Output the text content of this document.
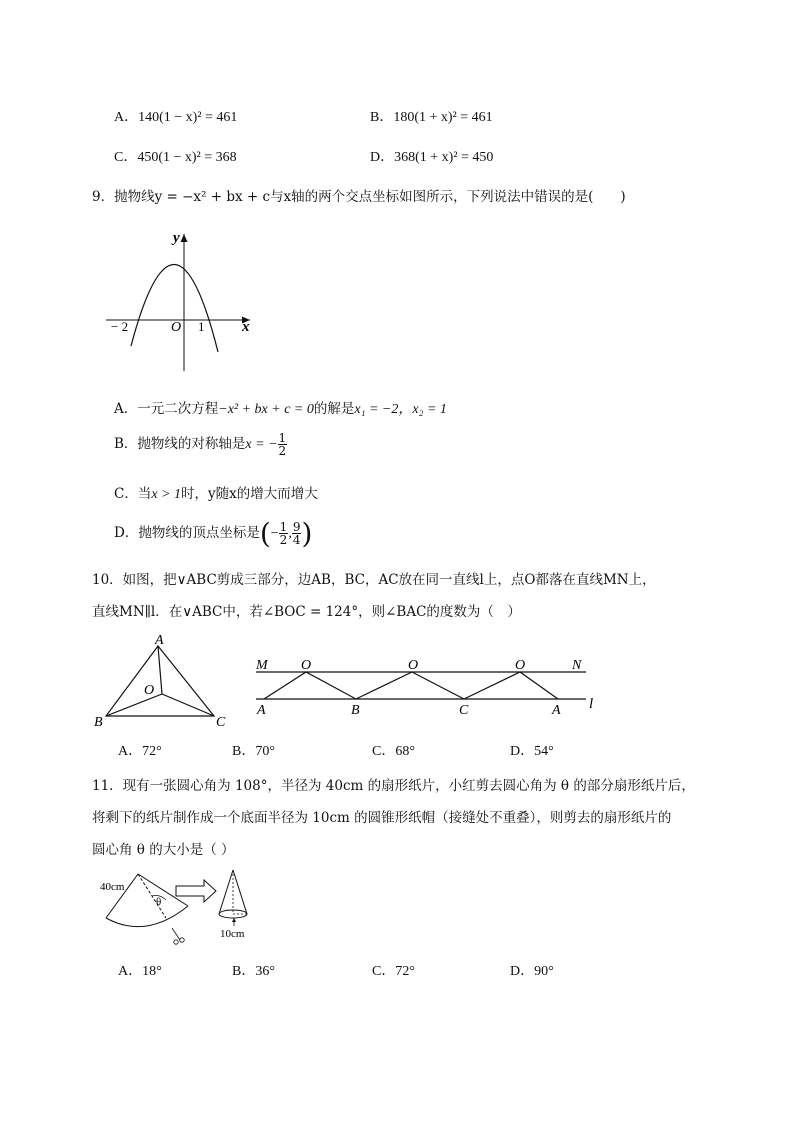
A．140(1 − x)² = 461	B．180(1 + x)² = 461
C．450(1 − x)² = 368	D．368(1 + x)² = 450
9．抛物线y = −x² + bx + c与x轴的两个交点坐标如图所示，下列说法中错误的是(　　)
y
x
O
− 2	1
A．一元二次方程−x² + bx + c = 0的解是x₁ = −2，x₂ = 1
B．抛物线的对称轴是x = − $\frac{1}{2}$
C．当x > 1时，y随x的增大而增大
D．抛物线的顶点坐标是(− $\frac{1}{2}$ , $\frac{9}{4}$ )
10．如图，把∨ABC剪成三部分，边AB，BC，AC放在同一直线l上，点O都落在直线MN上，
直线MN∥l．在∨ABC中，若∠BOC = 124°，则∠BAC的度数为（　）
A
B	C
O
M O	O	O	N
A	B	C	A l
A．72°	B．70°	C．68°	D．54°
11．现有一张圆心角为 108°，半径为 40cm 的扇形纸片，小红剪去圆心角为 θ 的部分扇形纸片后，
将剩下的纸片制作成一个底面半径为 10cm 的圆锥形纸帽（接缝处不重叠），则剪去的扇形纸片的
圆心角 θ 的大小是（ ）
40cm
θ
10cm
A．18°	B．36°	C．72°	D．90°
